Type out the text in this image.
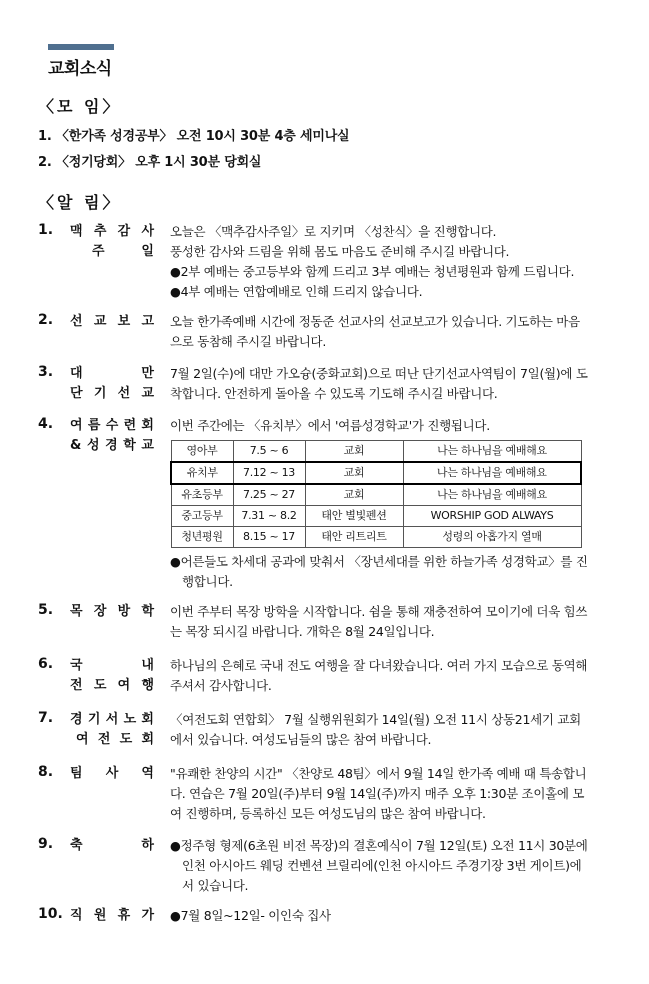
교회소식
〈모 임〉
1. 〈한가족 성경공부〉 오전 10시 30분 4층 세미나실
2. 〈정기당회〉 오후 1시 30분 당회실
〈알 림〉
1. 맥 추 감 사
주 일

오늘은 〈맥추감사주일〉로 지키며 〈성찬식〉을 진행합니다.

풍성한 감사와 드림을 위해 몸도 마음도 준비해 주시길 바랍니다.

●2부 예배는 중고등부와 함께 드리고 3부 예배는 청년평원과 함께 드립니다.

●4부 예배는 연합예배로 인해 드리지 않습니다.

2. 선 교 보 고 오늘 한가족예배 시간에 정동준 선교사의 선교보고가 있습니다. 기도하는 마음으로 동참해 주시길 바랍니다.

3. 대 만
단 기 선 교

7월 2일(수)에 대만 가오슝(중화교회)으로 떠난 단기선교사역팀이 7일(월)에 도착합니다. 안전하게 돌아올 수 있도록 기도해 주시길 바랍니다.

4. 여 름 수 련 회
& 성 경 학 교

이번 주간에는 〈유치부〉에서 '여름성경학교'가 진행됩니다.

영아부	7.5 ~ 6	교회	나는 하나님을 예배해요
유치부	7.12 ~ 13	교회	나는 하나님을 예배해요
유초등부	7.25 ~ 27	교회	나는 하나님을 예배해요
중고등부	7.31 ~ 8.2	태안 별빛펜션	WORSHIP GOD ALWAYS
청년평원	8.15 ~ 17	태안 리트리트	성령의 아홉가지 열매

●어른들도 차세대 공과에 맞춰서 〈장년세대를 위한 하늘가족 성경학교〉를 진행합니다.

5. 목 장 방 학 이번 주부터 목장 방학을 시작합니다. 쉼을 통해 재충전하여 모이기에 더욱 힘쓰는 목장 되시길 바랍니다. 개학은 8월 24일입니다.

6. 국 내
전 도 여 행

하나님의 은혜로 국내 전도 여행을 잘 다녀왔습니다. 여러 가지 모습으로 동역해 주셔서 감사합니다.

7. 경 기 서 노 회
여 전 도 회

〈여전도회 연합회〉 7월 실행위원회가 14일(월) 오전 11시 상동21세기 교회에서 있습니다. 여성도님들의 많은 참여 바랍니다.

8. 팀 사 역 "유쾌한 찬양의 시간" 〈찬양로 48팀〉에서 9월 14일 한가족 예배 때 특송합니다. 연습은 7월 20일(주)부터 9월 14일(주)까지 매주 오후 1:30분 조이홀에 모여 진행하며, 등록하신 모든 여성도님의 많은 참여 바랍니다.

9. 축 하 ●정주형 형제(6초원 비전 목장)의 결혼예식이 7월 12일(토) 오전 11시 30분에 인천 아시아드 웨딩 컨벤션 브릴리에(인천 아시아드 주경기장 3번 게이트)에서 있습니다.

10. 직 원 휴 가 ●7월 8일~12일- 이인숙 집사
